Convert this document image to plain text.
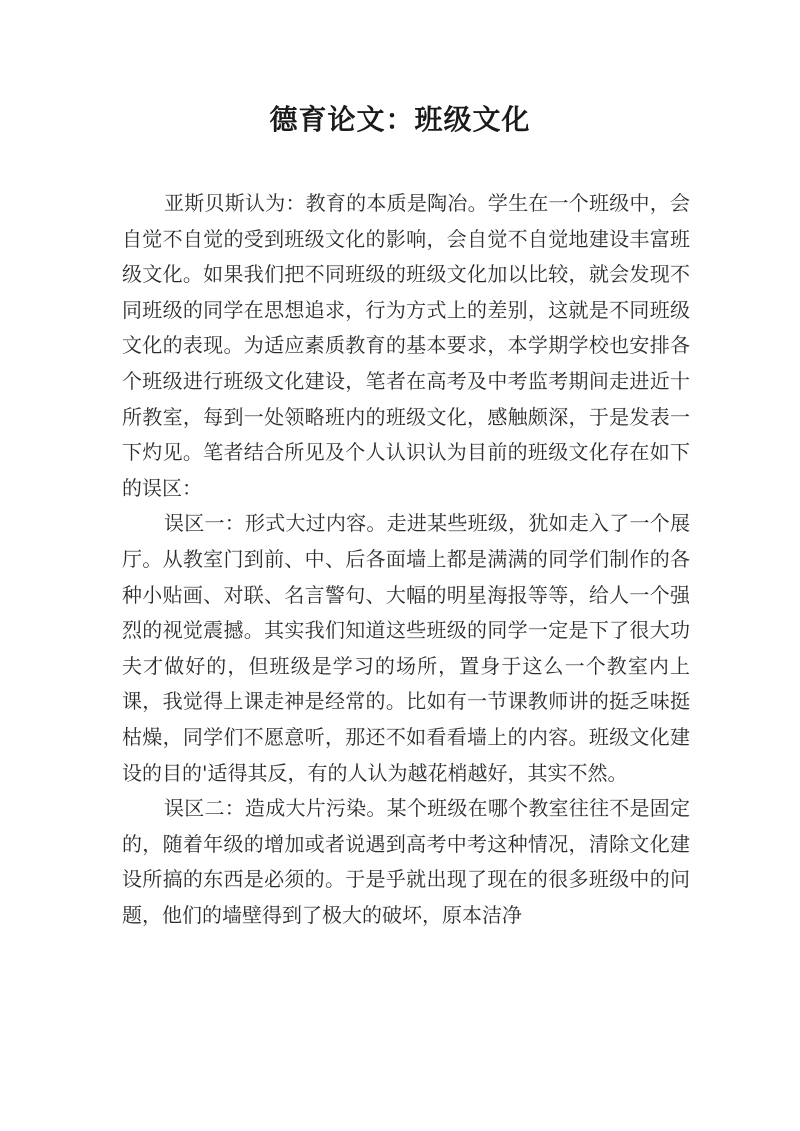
德育论文：班级文化

亚斯贝斯认为：教育的本质是陶冶。学生在一个班级中，会自觉不自觉的受到班级文化的影响，会自觉不自觉地建设丰富班级文化。如果我们把不同班级的班级文化加以比较，就会发现不同班级的同学在思想追求，行为方式上的差别，这就是不同班级文化的表现。为适应素质教育的基本要求，本学期学校也安排各个班级进行班级文化建设，笔者在高考及中考监考期间走进近十所教室，每到一处领略班内的班级文化，感触颇深，于是发表一下灼见。笔者结合所见及个人认识认为目前的班级文化存在如下的误区：

误区一：形式大过内容。走进某些班级，犹如走入了一个展厅。从教室门到前、中、后各面墙上都是满满的同学们制作的各种小贴画、对联、名言警句、大幅的明星海报等等，给人一个强烈的视觉震撼。其实我们知道这些班级的同学一定是下了很大功夫才做好的，但班级是学习的场所，置身于这么一个教室内上课，我觉得上课走神是经常的。比如有一节课教师讲的挺乏味挺枯燥，同学们不愿意听，那还不如看看墙上的内容。班级文化建设的目的'适得其反，有的人认为越花梢越好，其实不然。

误区二：造成大片污染。某个班级在哪个教室往往不是固定的，随着年级的增加或者说遇到高考中考这种情况，清除文化建设所搞的东西是必须的。于是乎就出现了现在的很多班级中的问题，他们的墙壁得到了极大的破坏，原本洁净
